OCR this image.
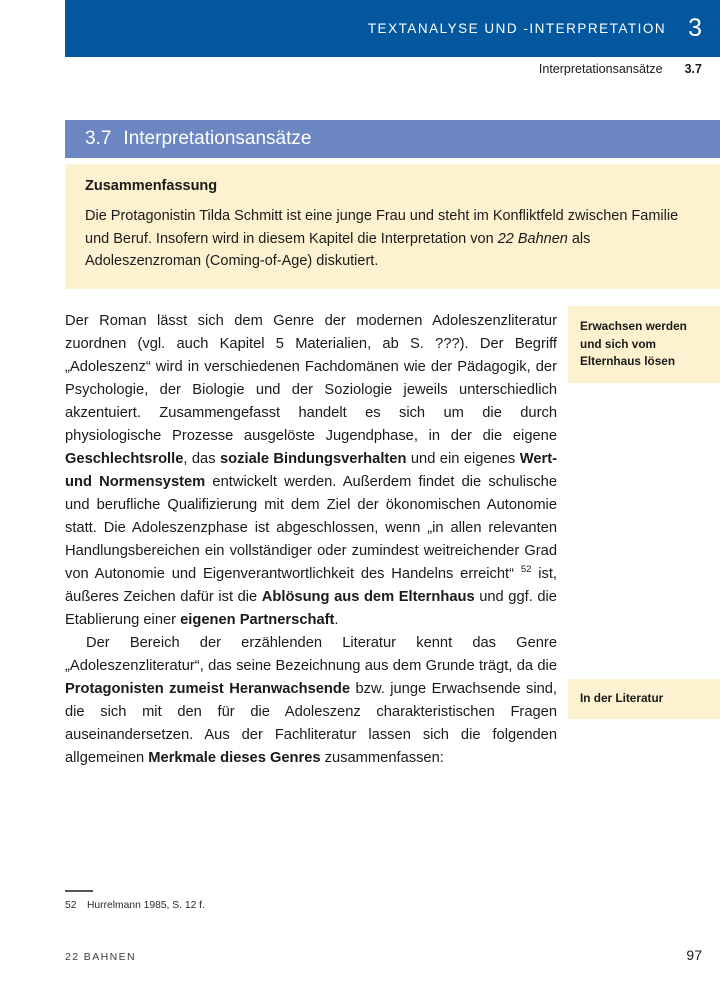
TEXTANALYSE UND -INTERPRETATION 3
Interpretationsansätze 3.7
3.7 Interpretationsansätze

Zusammenfassung

Die Protagonistin Tilda Schmitt ist eine junge Frau und steht im Konfliktfeld zwischen Familie und Beruf. Insofern wird in diesem Kapitel die Interpretation von 22 Bahnen als Adoleszenzroman (Coming-of-Age) diskutiert.

Der Roman lässt sich dem Genre der modernen Adoleszenzliteratur zuordnen (vgl. auch Kapitel 5 Materialien, ab S. ???). Der Begriff „Adoleszenz“ wird in verschiedenen Fachdomänen wie der Pädagogik, der Psychologie, der Biologie und der Soziologie jeweils unterschiedlich akzentuiert. Zusammengefasst handelt es sich um die durch physiologische Prozesse ausgelöste Jugendphase, in der die eigene Geschlechtsrolle, das soziale Bindungsverhalten und ein eigenes Wert- und Normensystem entwickelt werden. Außerdem findet die schulische und berufliche Qualifizierung mit dem Ziel der ökonomischen Autonomie statt. Die Adoleszenzphase ist abgeschlossen, wenn „in allen relevanten Handlungsbereichen ein vollständiger oder zumindest weitreichender Grad von Autonomie und Eigenverantwortlichkeit des Handelns erreicht“ $^{52}$ ist, äußeres Zeichen dafür ist die Ablösung aus dem Elternhaus und ggf. die Etablierung einer eigenen Partnerschaft.

Der Bereich der erzählenden Literatur kennt das Genre „Adoleszenzliteratur“, das seine Bezeichnung aus dem Grunde trägt, da die Protagonisten zumeist Heranwachsende bzw. junge Erwachsende sind, die sich mit den für die Adoleszenz charakteristischen Fragen auseinandersetzen. Aus der Fachliteratur lassen sich die folgenden allgemeinen Merkmale dieses Genres zusammenfassen:

Erwachsen werden und sich vom Elternhaus lösen
In der Literatur
52	Hurrelmann 1985, S. 12 f.
22 BAHNEN	97
